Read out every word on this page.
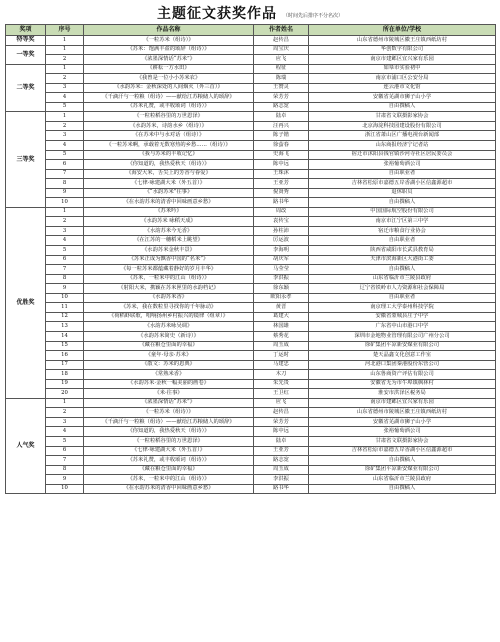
主题征文获奖作品 （时间先后排序不分名次）
奖项	序号	作品名称	作者姓名	所在单位/学校
特等奖	1	《一粒苏米（组诗）》	赵传昌	山东省德州市陵城区徽王庄镇西纸坊村
一等奖	1	《苏米：饱满丰盈的颂辞（组诗）》	周宝庆	华创数字有限公司
	2	《浓墨深情话“苏米”》	应飞	南京市建邺区宜兴家有乐园
二等奖	1	《耕耘一方水田》	程征	如皋市实验初中
	2	《我曾是一位小小苏米农》	陈瑞	南京市浦口区公安分局
	3	《水韵苏米：金秋深处的人间烟火（外三首）》	王赞灵	连云港市文化馆
	4	《千滴汗与一粒粮（组诗）——献给江苏粮储人的颂辞》	荣芳芳	安徽省芜湖市狮子山小学
	5	《苏米礼赞，或丰收颂词（组诗）》	路志宽	自由撰稿人
三等奖	1	《一粒粒稻谷里的万世恩泽》	陆卓	甘肃省文联摄影家协会
	2	《水韵苏米，诗韵水乡（组诗）》	汪再兴	北京海淀科技园建设股份有限公司
	3	《在苏米中与水对话（组诗）》	陈子锴	浙江省萧山区广播电视台新闻部
	4	《一粒苏米啊，承载着无数寒热的乡愁……（组诗）》	徐萤春	山东商报经济宁记者站
	5	《我与苏米的丰收记忆》	史海飞	宿迁市沭阳县钱官镇沙河寺社区居民委员会
	6	《你知道的，我热爱秋天（组诗）》	陈中远	张裕葡萄酒公司
	7	《海安大米，舌尖上的芳香与眷爱》	王珠沐	自由职业者
	8	《七律·咏建湖大米（外五首）》	王亚芳	吉林省松原市嘉德五岸香湖小区信鑫源超市
	9	《“水韵苏米”往事》	倪贤秀	退休职员
	10	《在水韵苏米的清香中回味画意乡愁》	路书华	自由撰稿人
优胜奖	1	《苏米吟》	周改	中国国际航空股份有限公司
	2	《水韵苏米 咏稻天成》	袁传宝	南京市江宁区第三中学
	3	《水韵苏米今无香》	孙柱沛	宿迁市粮食行业协会
	4	《在江苏的一穗稻米上眺望》	厉运波	自由职业者
	5	《水韵苏米金秋丰景》	李海明	陕西省咸阳市长武县教育局
	6	《苏米正成为飘香中国的“名米”》	胡庆军	天津市滨海新区大港街工委
	7	《每一粒苏米都蕴藏着静好的岁月丰华》	马莹莹	自由撰稿人
	8	《苏米，一粒米中的江山（组诗）》	李洪振	山东省临沂市兰陵县政府
	9	《射阳大米，携颖在苏米匣里的水韵档记》	徐东颖	辽宁省铁岭市人力资源和社会保障局
	10	《水韵苏米香》	欧阳永孝	自由职业者
	11	《苏米，我在数粒里寻找你的千年脉动》	黄晋	南京理工大学泰州科技学院
	12	《荷稻虾联歌，唱响扬州乡村振兴的镜律（组章）》	葛建大	安徽省蒙城县庄子中学
	13	《水韵苏米咏吴调》	林国雄	广东省中山市港口中学
	14	《水韵苏米简史（新诗）》	蔡秀花	深圳市金地物业管理有限公司广州分公司
	15	《藏在粮仓里面的幸福》	周玉成	徐矿集团平凉新安煤业有限公司
	16	《童年·母亲·苏米》	丁运时	楚天晶鑫文化创意工作室
	17	《散文：苏米的恩典》	马建忠	河北港口集团秦港股份东营公司
	18	《常熟米香》	木刀	山东鲁商资产评估有限公司
	19	《水韵苏米·金秋一幅美丽的画卷》	朱先贵	安徽省无为市牛埠镇枫林村
	20	《米·往事》	王卫红	淮安市洪泽区税务局
人气奖	1	《浓墨深情话“苏米”》	应飞	南京市建邺区宜兴家有乐园
	2	《一粒苏米（组诗）》	赵传昌	山东省德州市陵城区徽王庄镇西纸坊村
	3	《千滴汗与一粒粮（组诗）——献给江苏粮储人的颂辞》	荣芳芳	安徽省芜湖市狮子山小学
	4	《你知道的，我热爱秋天（组诗）》	陈中远	张裕葡萄酒公司
	5	《一粒粒稻谷里的万世恩泽》	陆卓	甘肃省文联摄影家协会
	6	《七律·咏建湖大米（外五首）》	王亚芳	吉林省松原市嘉德五岸香湖小区信鑫源超市
	7	《苏米礼赞，或丰收颂词（组诗）》	路志宽	自由撰稿人
	8	《藏在粮仓里面的幸福》	周玉成	徐矿集团平凉新安煤业有限公司
	9	《苏米，一粒米中的江山（组诗）》	李洪振	山东省临沂市兰陵县政府
	10	《在水韵苏米的清香中回味画意乡愁》	路书华	自由撰稿人
